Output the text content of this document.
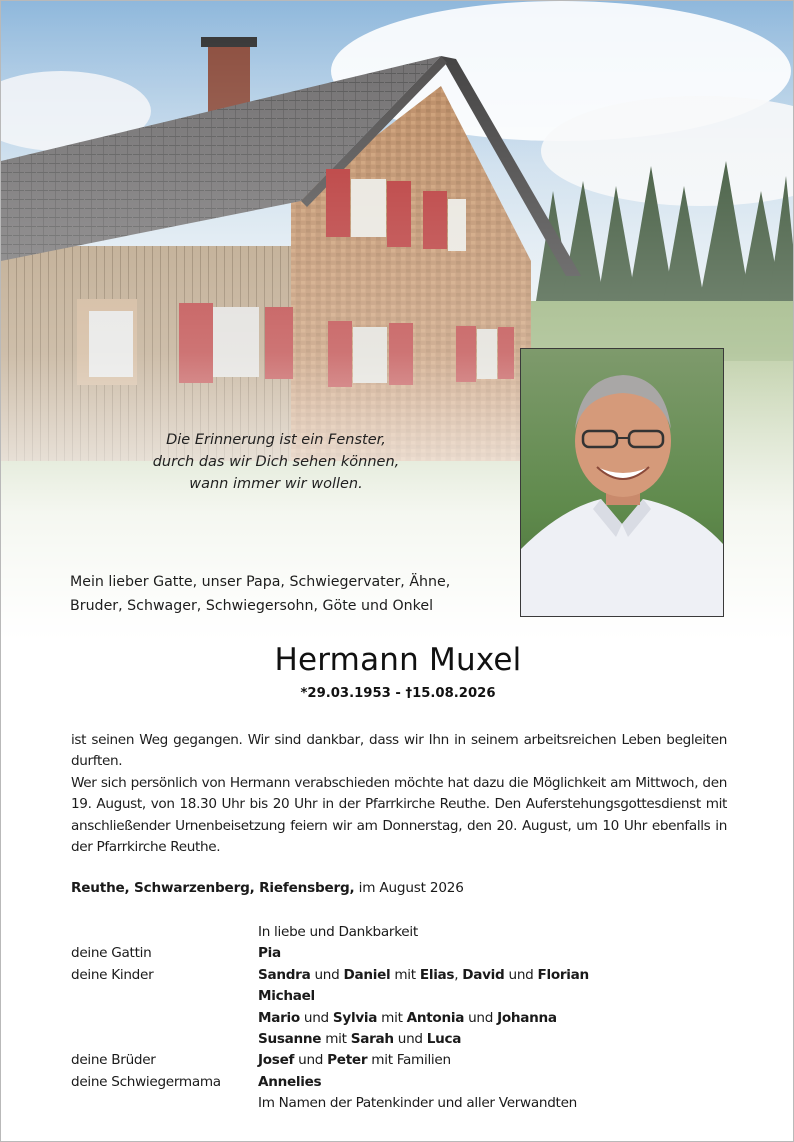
Die Erinnerung ist ein Fenster,
durch das wir Dich sehen können,
wann immer wir wollen.
Mein lieber Gatte, unser Papa, Schwiegervater, Ähne,
Bruder, Schwager, Schwiegersohn, Göte und Onkel
Hermann Muxel
*29.03.1953 - †15.08.2026

ist seinen Weg gegangen. Wir sind dankbar, dass wir Ihn in seinem arbeitsreichen Leben begleiten durften.

Wer sich persönlich von Hermann verabschieden möchte hat dazu die Möglichkeit am Mittwoch, den 19. August, von 18.30 Uhr bis 20 Uhr in der Pfarrkirche Reuthe. Den Auferstehungsgottesdienst mit anschließender Urnenbeisetzung feiern wir am Donnerstag, den 20. August, um 10 Uhr ebenfalls in der Pfarrkirche Reuthe.

Reuthe, Schwarzenberg, Riefensberg, im August 2026
In liebe und Dankbarkeit
deine Gattin	Pia
deine Kinder	Sandra und Daniel mit Elias, David und Florian
Michael
Mario und Sylvia mit Antonia und Johanna
Susanne mit Sarah und Luca
deine Brüder	Josef und Peter mit Familien
deine Schwiegermama	Annelies
Im Namen der Patenkinder und aller Verwandten
